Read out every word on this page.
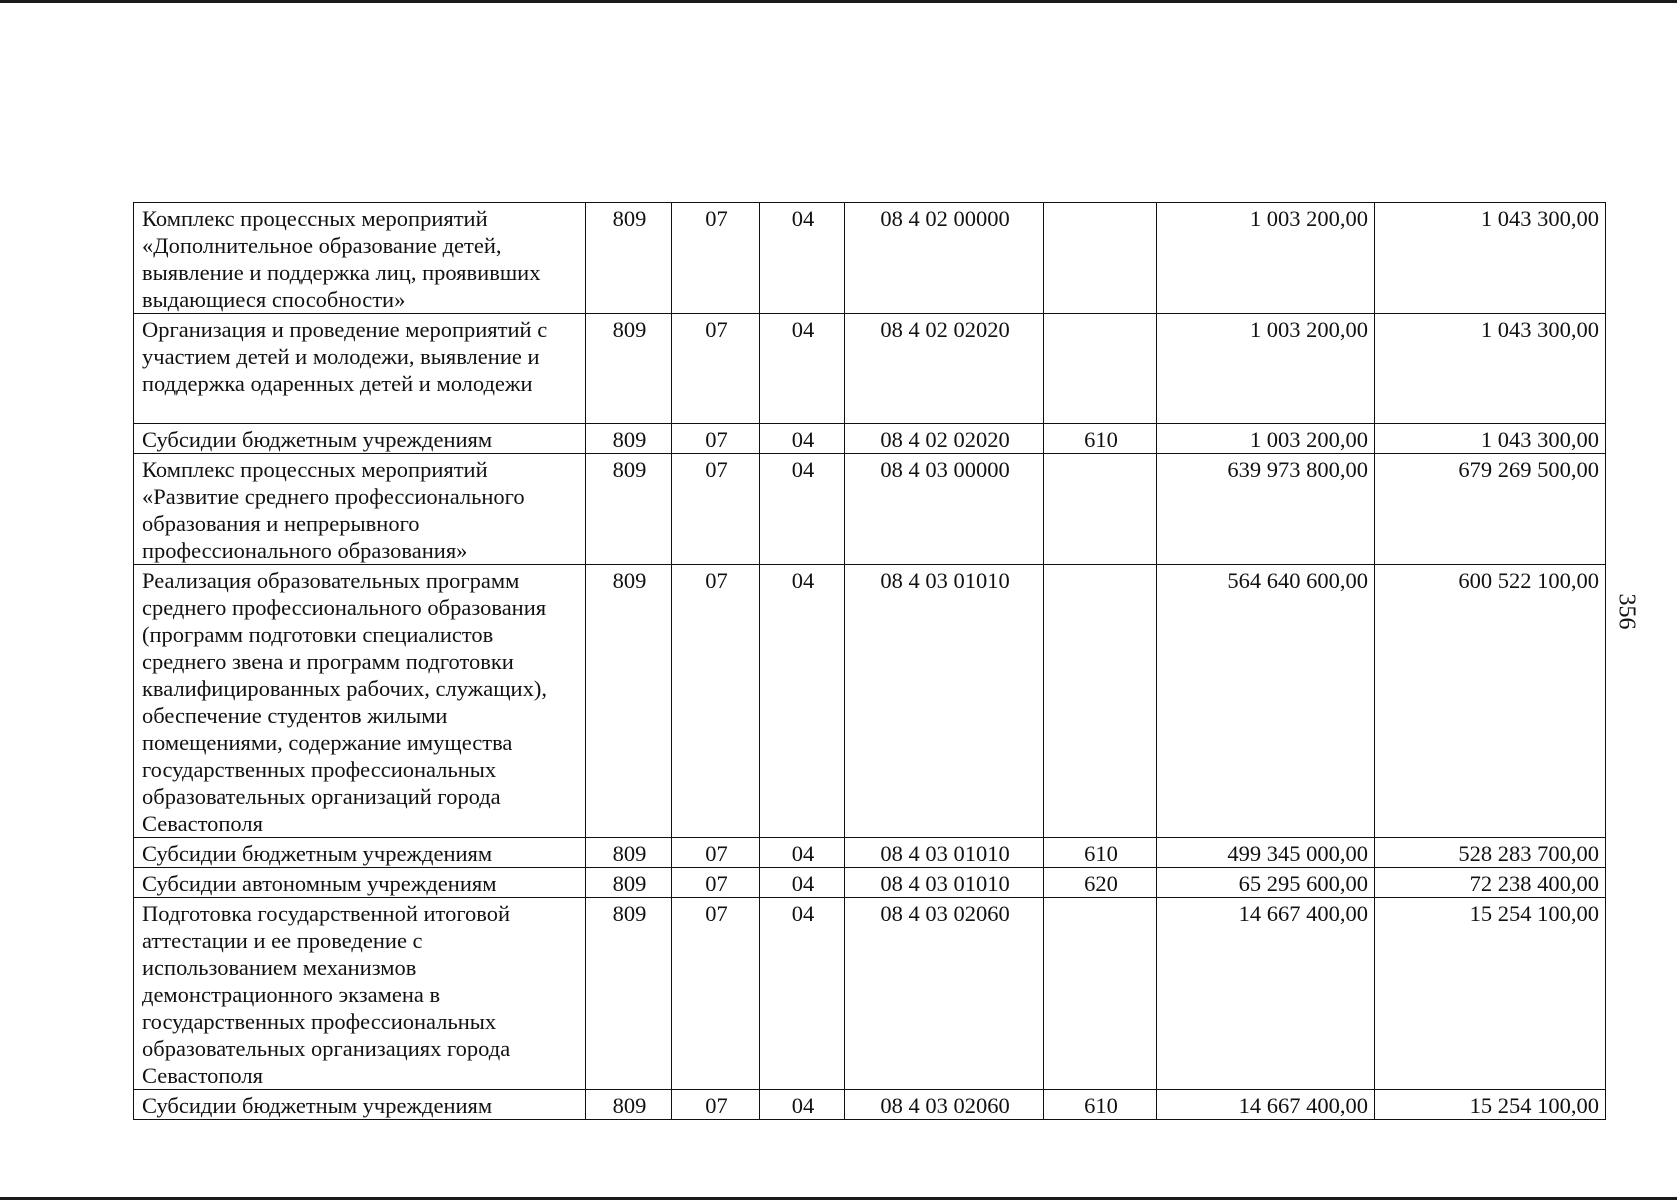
356
Комплекс процессных мероприятий «Дополнительное образование детей, выявление и поддержка лиц, проявивших выдающиеся способности»	809	07	04	08 4 02 00000		1 003 200,00	1 043 300,00
Организация и проведение мероприятий с участием детей и молодежи, выявление и поддержка одаренных детей и молодежи	809	07	04	08 4 02 02020		1 003 200,00	1 043 300,00
Субсидии бюджетным учреждениям	809	07	04	08 4 02 02020	610	1 003 200,00	1 043 300,00
Комплекс процессных мероприятий «Развитие среднего профессионального образования и непрерывного профессионального образования»	809	07	04	08 4 03 00000		639 973 800,00	679 269 500,00
Реализация образовательных программ среднего профессионального образования (программ подготовки специалистов среднего звена и программ подготовки квалифицированных рабочих, служащих), обеспечение студентов жилыми помещениями, содержание имущества государственных профессиональных образовательных организаций города Севастополя	809	07	04	08 4 03 01010		564 640 600,00	600 522 100,00
Субсидии бюджетным учреждениям	809	07	04	08 4 03 01010	610	499 345 000,00	528 283 700,00
Субсидии автономным учреждениям	809	07	04	08 4 03 01010	620	65 295 600,00	72 238 400,00
Подготовка государственной итоговой аттестации и ее проведение с использованием механизмов демонстрационного экзамена в государственных профессиональных образовательных организациях города Севастополя	809	07	04	08 4 03 02060		14 667 400,00	15 254 100,00
Субсидии бюджетным учреждениям	809	07	04	08 4 03 02060	610	14 667 400,00	15 254 100,00
